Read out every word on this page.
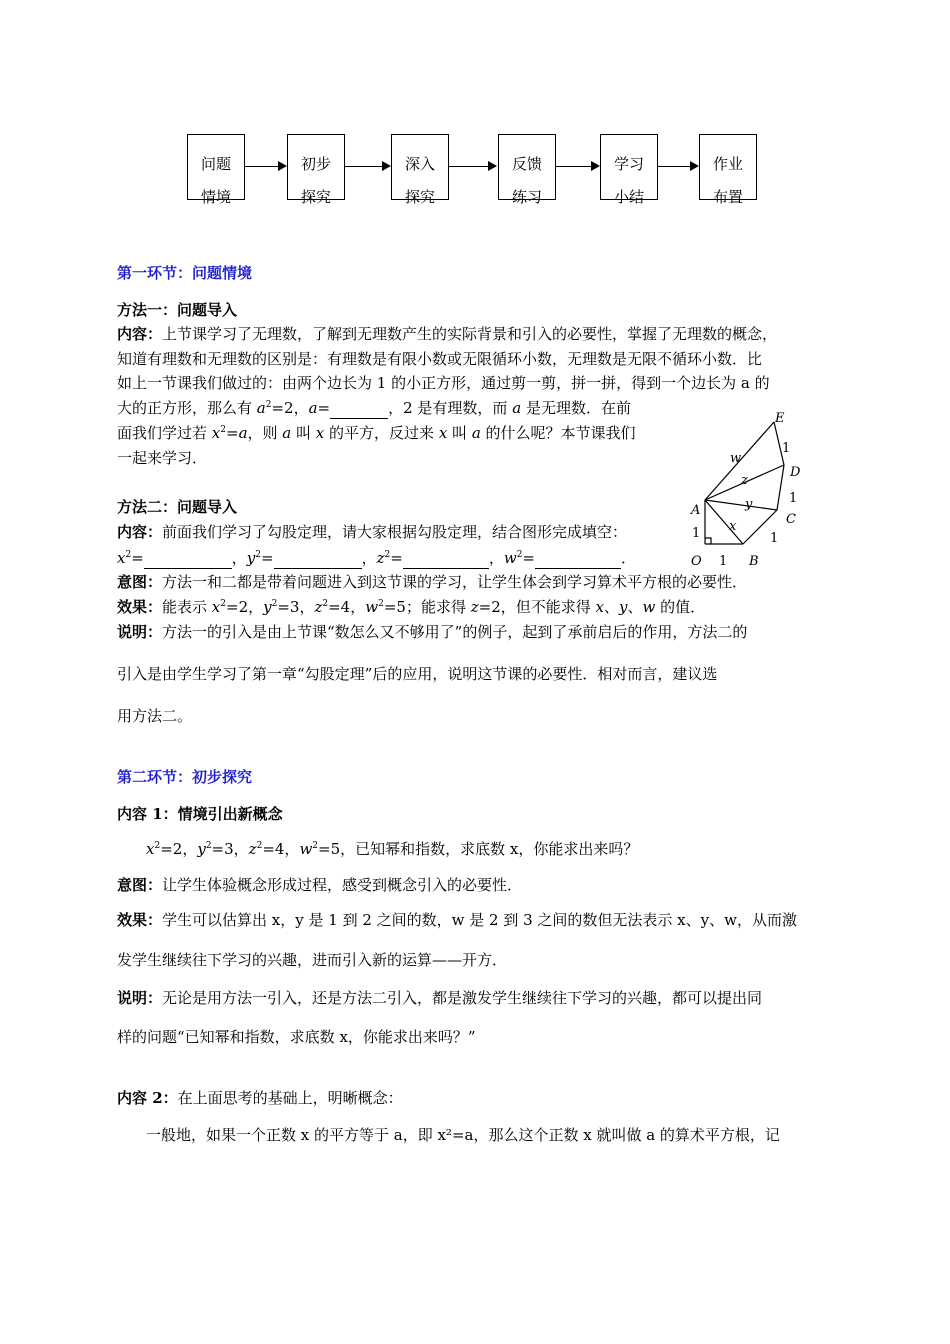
问题
情境
初步
探究
深入
探究
反馈
练习
学习
小结
作业
布置
第一环节：问题情境
方法一：问题导入
内容：上节课学习了无理数，了解到无理数产生的实际背景和引入的必要性，掌握了无理数的概念，
知道有理数和无理数的区别是：有理数是有限小数或无限循环小数，无理数是无限不循环小数．比
如上一节课我们做过的：由两个边长为 1 的小正方形，通过剪一剪，拼一拼，得到一个边长为 a 的
大的正方形，那么有 $a^2=2$，a=	，2 是有理数，而 a 是无理数．在前
面我们学过若 $x^2=a$，则 a 叫 x 的平方，反过来 x 叫 a 的什么呢？本节课我们
一起来学习．
方法二：问题导入
内容：前面我们学习了勾股定理，请大家根据勾股定理，结合图形完成填空：
$x^2=$	，$y^2=$	，$z^2=$	，$w^2=$	．
意图：方法一和二都是带着问题进入到这节课的学习，让学生体会到学习算术平方根的必要性．
效果：能表示 $x^2=2$，$y^2=3$，$z^2=4$，$w^2=5$；能求得 z=2，但不能求得 x、y、w 的值．
说明：方法一的引入是由上节课“数怎么又不够用了”的例子，起到了承前启后的作用，方法二的
引入是由学生学习了第一章“勾股定理”后的应用，说明这节课的必要性．相对而言，建议选
用方法二。
E
D
C
A
O	B
w
z
y
x
1
1
1
1
1
第二环节：初步探究
内容 1：情境引出新概念
$x^2=2$，$y^2=3$，$z^2=4$，$w^2=5$，已知幂和指数，求底数 x，你能求出来吗？
意图：让学生体验概念形成过程，感受到概念引入的必要性．
效果：学生可以估算出 x，y 是 1 到 2 之间的数，w 是 2 到 3 之间的数但无法表示 x、y、w，从而激
发学生继续往下学习的兴趣，进而引入新的运算——开方．
说明：无论是用方法一引入，还是方法二引入，都是激发学生继续往下学习的兴趣，都可以提出同
样的问题“已知幂和指数，求底数 x，你能求出来吗？”
内容 2：在上面思考的基础上，明晰概念：
一般地，如果一个正数 x 的平方等于 a，即 x²=a，那么这个正数 x 就叫做 a 的算术平方根，记
